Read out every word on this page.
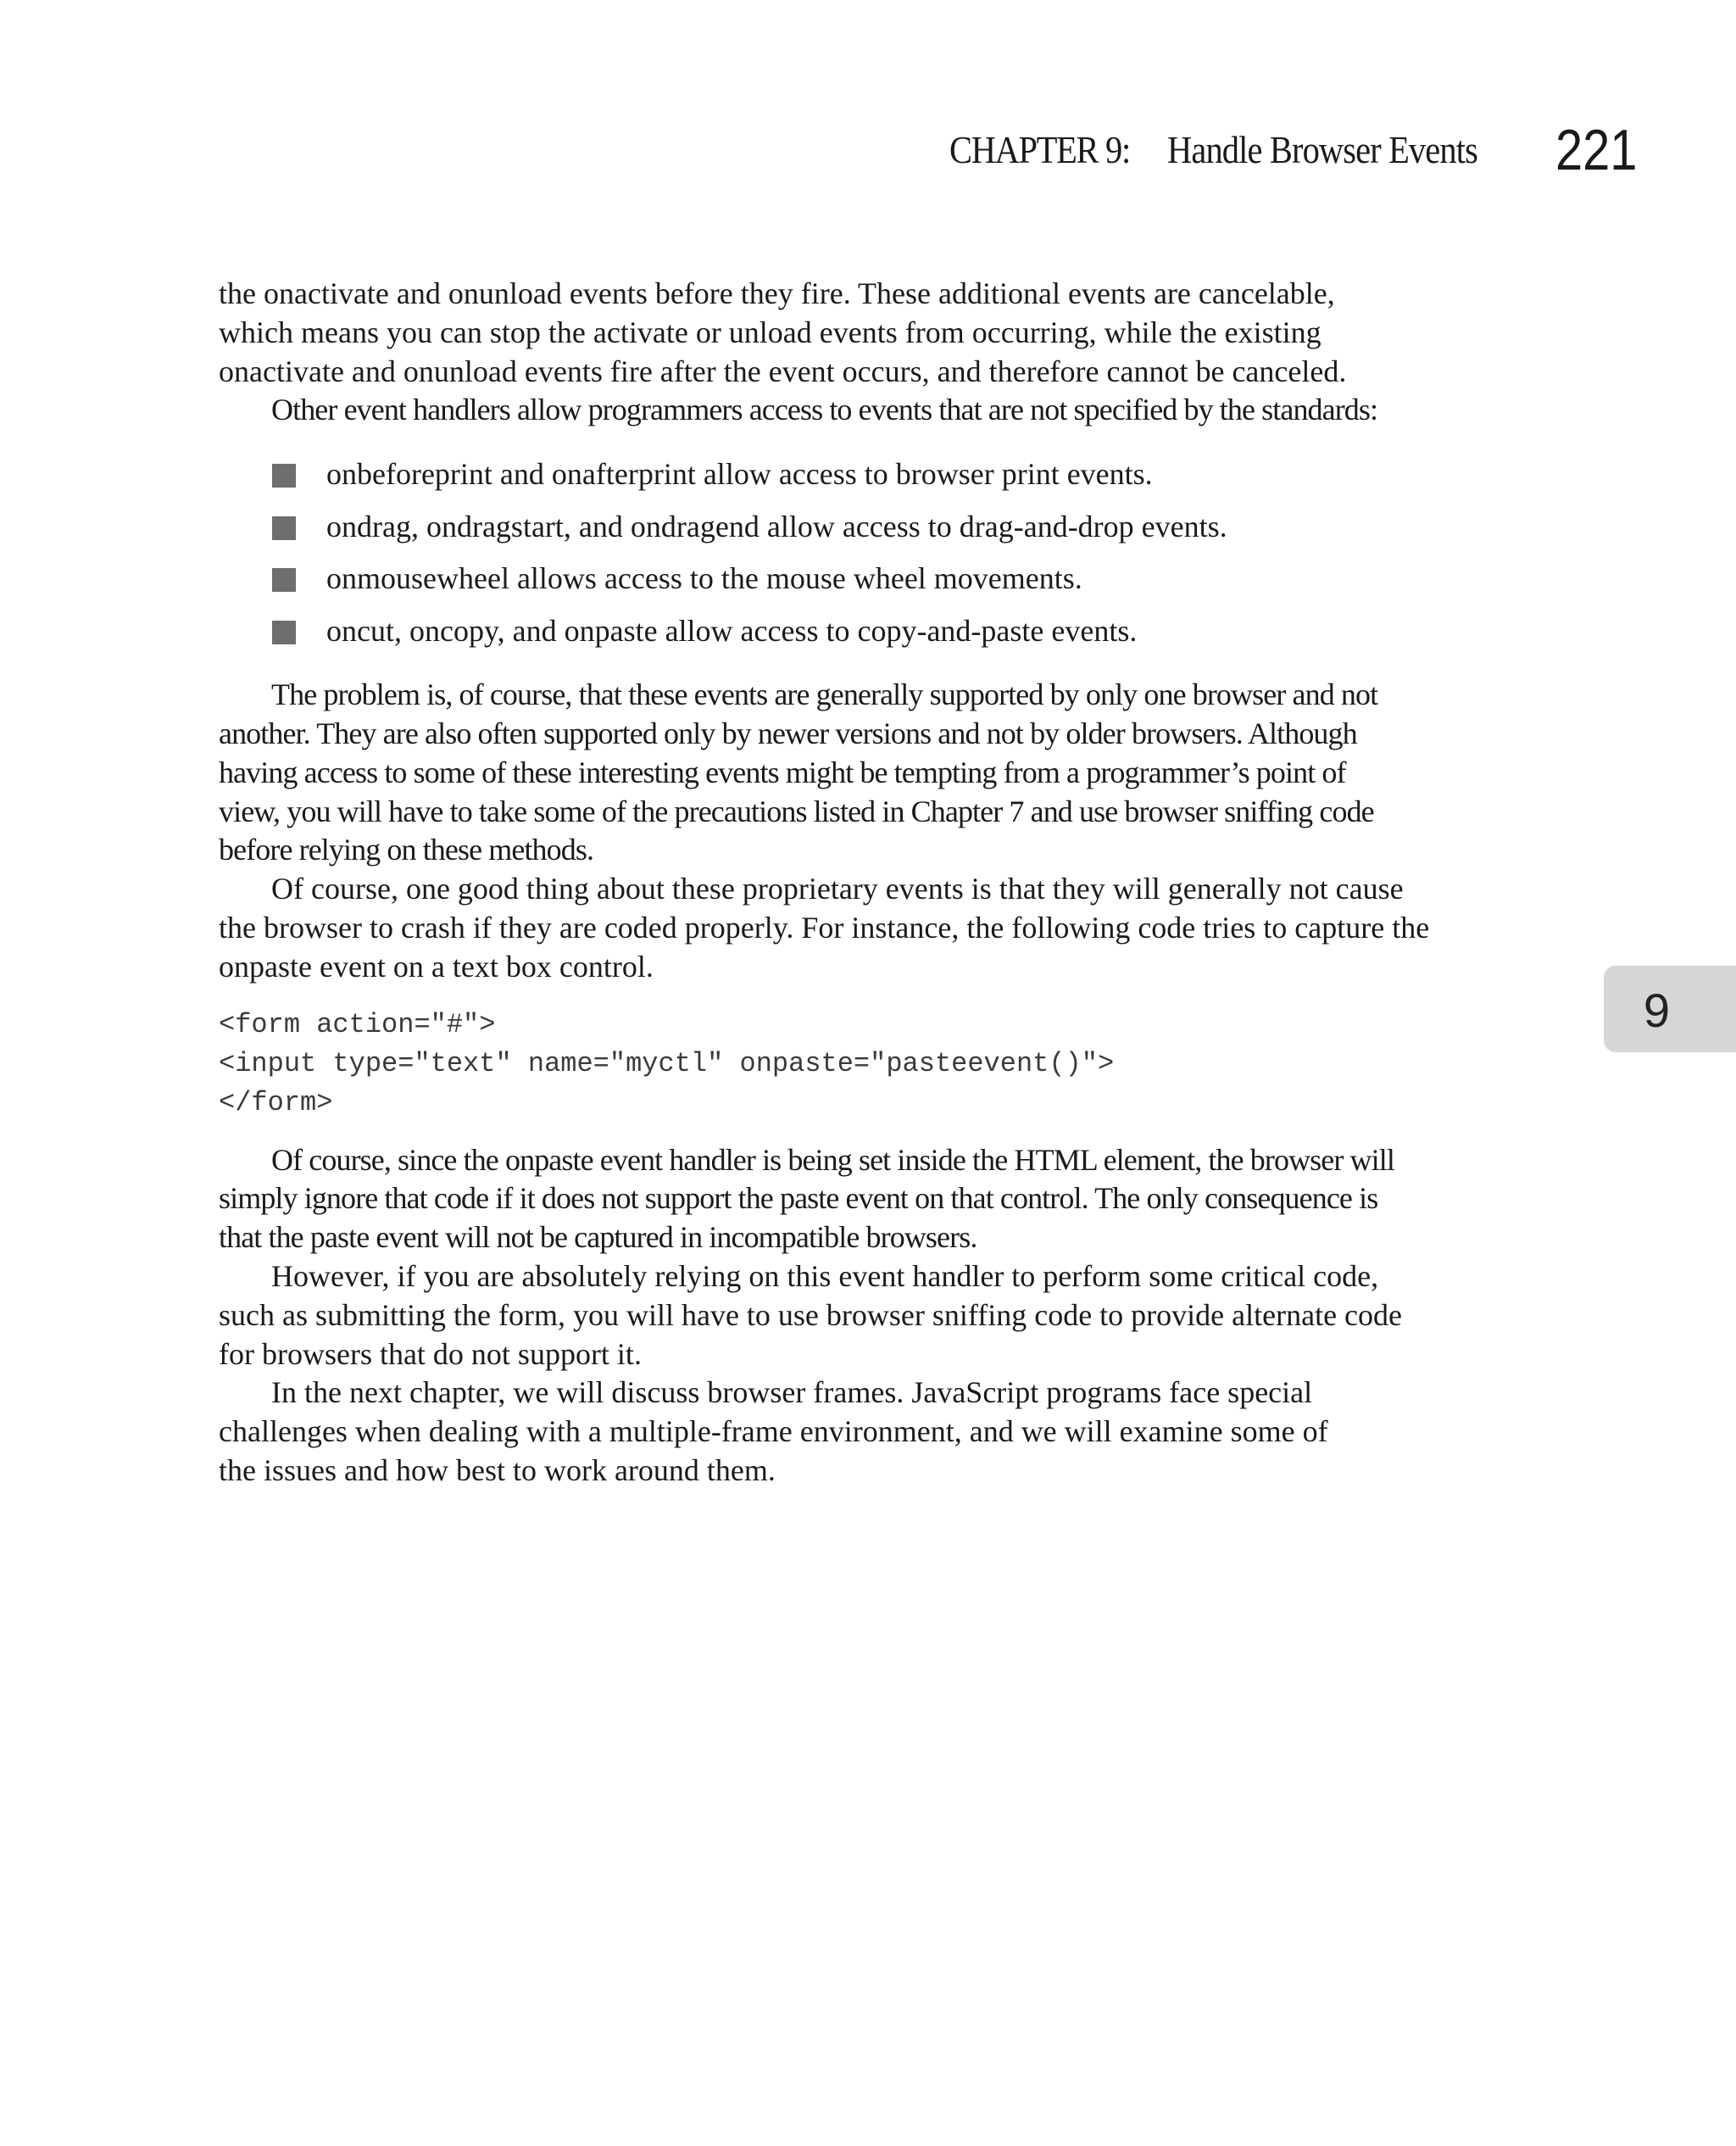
CHAPTER 9: Handle Browser Events 221
9

the onactivate and onunload events before they fire. These additional events are cancelable,
which means you can stop the activate or unload events from occurring, while the existing
onactivate and onunload events fire after the event occurs, and therefore cannot be canceled.

Other event handlers allow programmers access to events that are not specified by the standards:

onbeforeprint and onafterprint allow access to browser print events.
ondrag, ondragstart, and ondragend allow access to drag-and-drop events.
onmousewheel allows access to the mouse wheel movements.
oncut, oncopy, and onpaste allow access to copy-and-paste events.

The problem is, of course, that these events are generally supported by only one browser and not
another. They are also often supported only by newer versions and not by older browsers. Although
having access to some of these interesting events might be tempting from a programmer’s point of
view, you will have to take some of the precautions listed in Chapter 7 and use browser sniffing code
before relying on these methods.

Of course, one good thing about these proprietary events is that they will generally not cause
the browser to crash if they are coded properly. For instance, the following code tries to capture the
onpaste event on a text box control.

<form action="#">
<input type="text" name="myctl" onpaste="pasteevent()">
</form>

Of course, since the onpaste event handler is being set inside the HTML element, the browser will
simply ignore that code if it does not support the paste event on that control. The only consequence is
that the paste event will not be captured in incompatible browsers.

However, if you are absolutely relying on this event handler to perform some critical code,
such as submitting the form, you will have to use browser sniffing code to provide alternate code
for browsers that do not support it.

In the next chapter, we will discuss browser frames. JavaScript programs face special
challenges when dealing with a multiple-frame environment, and we will examine some of
the issues and how best to work around them.
